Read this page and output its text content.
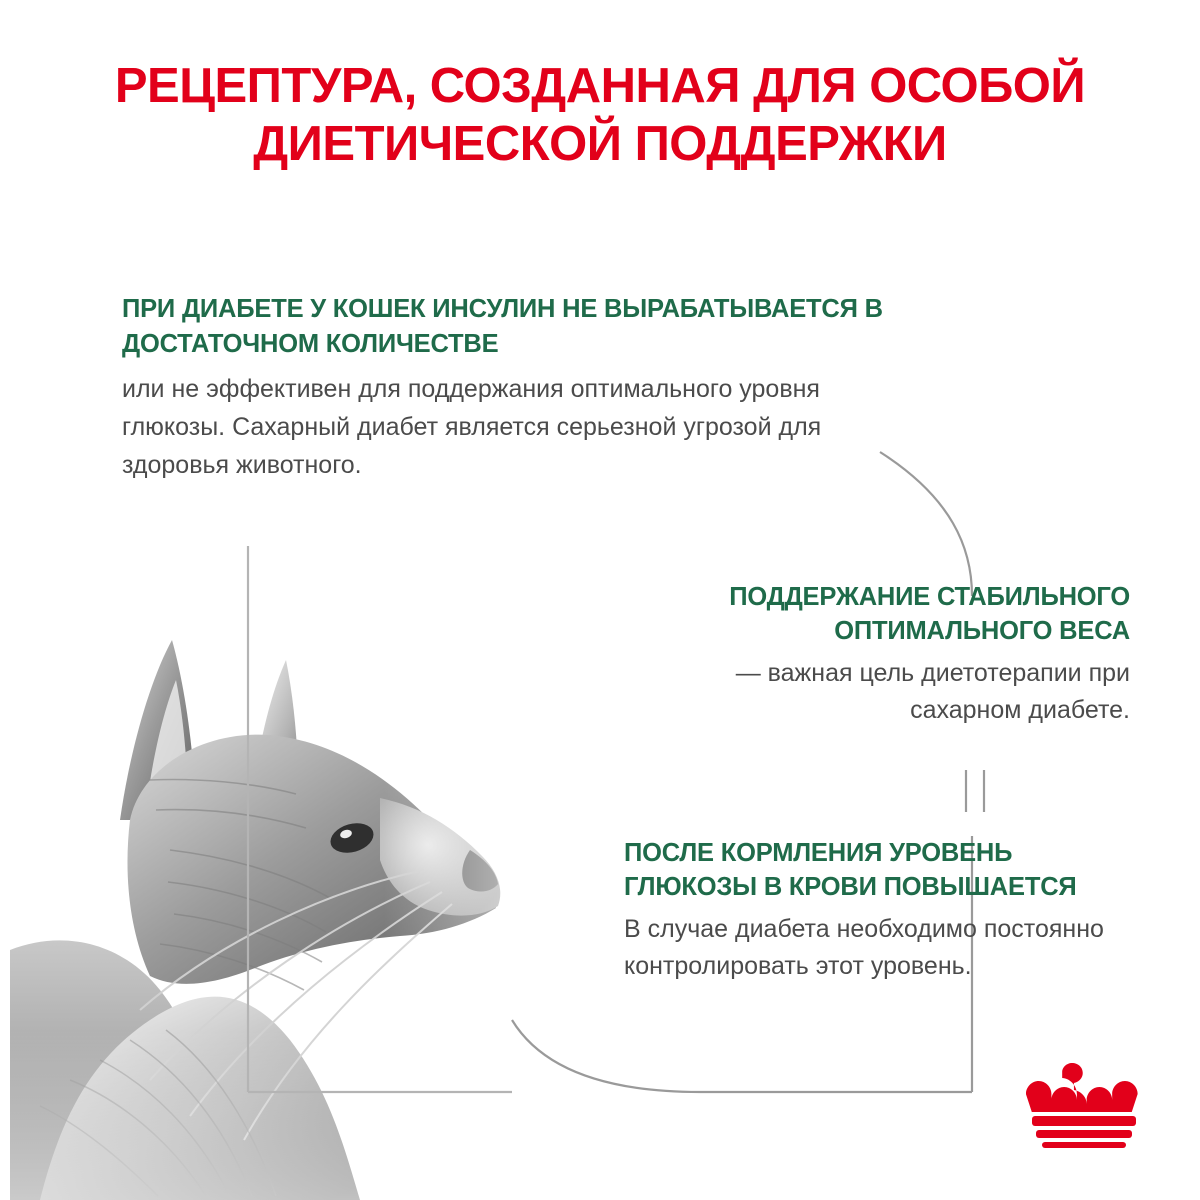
РЕЦЕПТУРА, СОЗДАННАЯ ДЛЯ ОСОБОЙ
ДИЕТИЧЕСКОЙ ПОДДЕРЖКИ
ПРИ ДИАБЕТЕ У КОШЕК ИНСУЛИН НЕ ВЫРАБАТЫВАЕТСЯ В ДОСТАТОЧНОМ КОЛИЧЕСТВЕ
или не эффективен для поддержания оптимального уровня глюкозы. Сахарный диабет является серьезной угрозой для здоровья животного.
ПОДДЕРЖАНИЕ СТАБИЛЬНОГО ОПТИМАЛЬНОГО ВЕСА
— важная цель диетотерапии при сахарном диабете.
ПОСЛЕ КОРМЛЕНИЯ УРОВЕНЬ ГЛЮКОЗЫ В КРОВИ ПОВЫШАЕТСЯ
В случае диабета необходимо постоянно контролировать этот уровень.
